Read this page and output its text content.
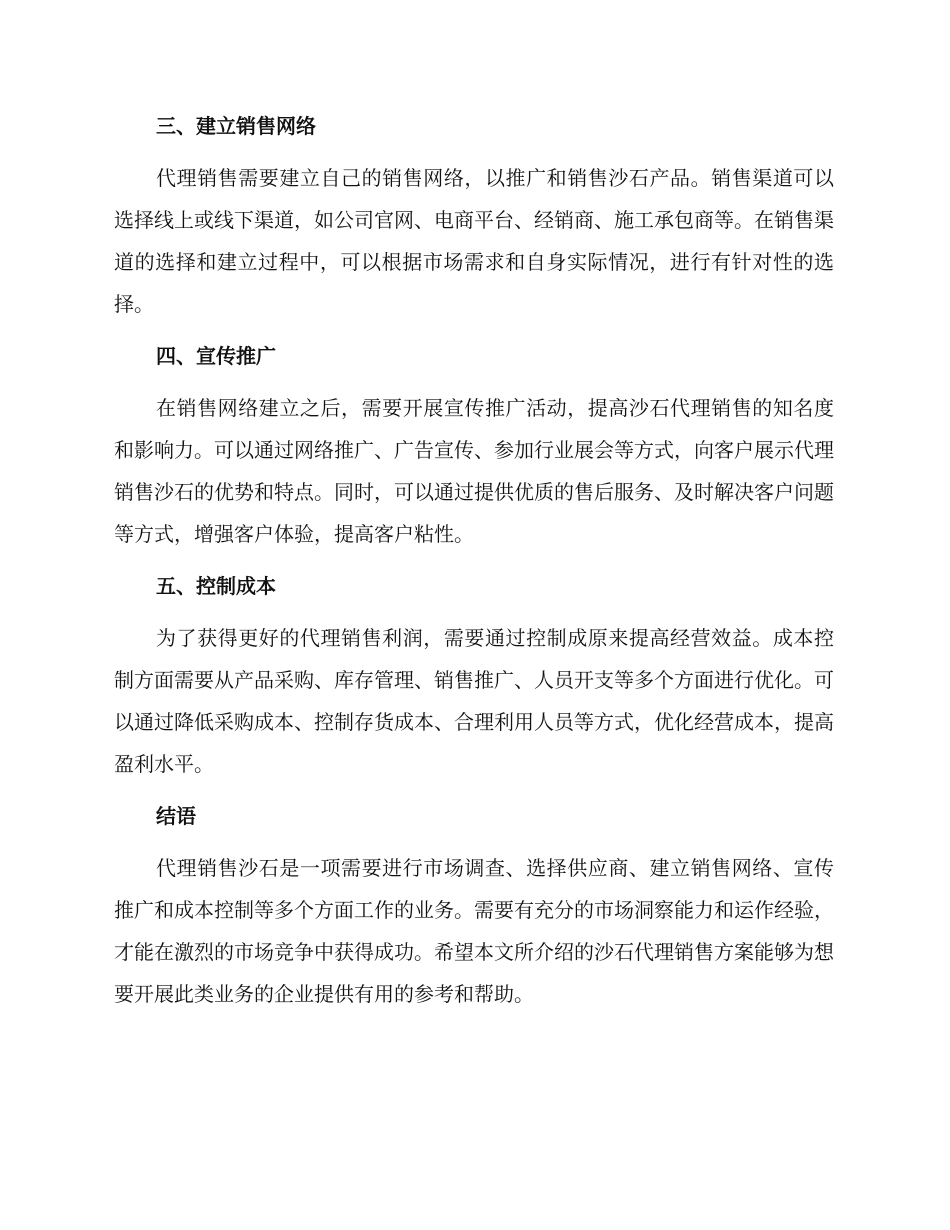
三、建立销售网络
代理销售需要建立自己的销售网络，以推广和销售沙石产品。销售渠道可以选择线上或线下渠道，如公司官网、电商平台、经销商、施工承包商等。在销售渠道的选择和建立过程中，可以根据市场需求和自身实际情况，进行有针对性的选择。
四、宣传推广
在销售网络建立之后，需要开展宣传推广活动，提高沙石代理销售的知名度和影响力。可以通过网络推广、广告宣传、参加行业展会等方式，向客户展示代理销售沙石的优势和特点。同时，可以通过提供优质的售后服务、及时解决客户问题等方式，增强客户体验，提高客户粘性。
五、控制成本
为了获得更好的代理销售利润，需要通过控制成原来提高经营效益。成本控制方面需要从产品采购、库存管理、销售推广、人员开支等多个方面进行优化。可以通过降低采购成本、控制存货成本、合理利用人员等方式，优化经营成本，提高盈利水平。
结语
代理销售沙石是一项需要进行市场调查、选择供应商、建立销售网络、宣传推广和成本控制等多个方面工作的业务。需要有充分的市场洞察能力和运作经验，才能在激烈的市场竞争中获得成功。希望本文所介绍的沙石代理销售方案能够为想要开展此类业务的企业提供有用的参考和帮助。
